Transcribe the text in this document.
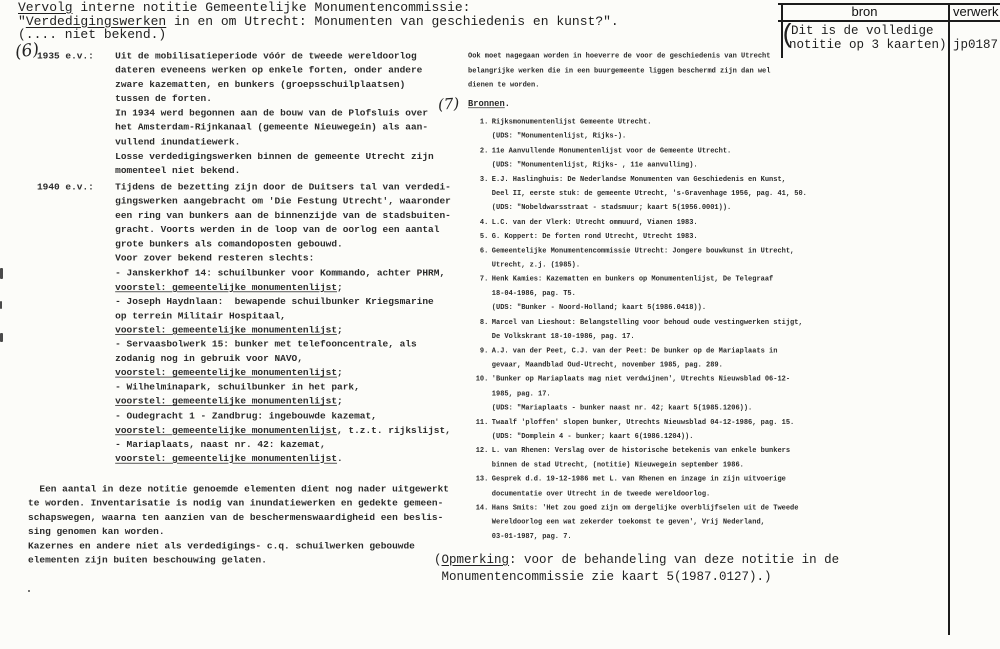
Vervolg interne notitie Gemeentelijke Monumentencommissie:
"Verdedigingswerken in en om Utrecht: Monumenten van geschiedenis en kunst?".
(.... niet bekend.)
bron	verwerk
(
Dit is de volledige
notitie op 3 kaarten) jp0187
(6)
(7)
1935 e.v.:	Uit de mobilisatieperiode vóór de tweede wereldoorlog
dateren eveneens werken op enkele forten, onder andere
zware kazematten, en bunkers (groepsschuilplaatsen)
tussen de forten.
In 1934 werd begonnen aan de bouw van de Plofsluis over
het Amsterdam-Rijnkanaal (gemeente Nieuwegein) als aan-
vullend inundatiewerk.
Losse verdedigingswerken binnen de gemeente Utrecht zijn
momenteel niet bekend.
1940 e.v.:	Tijdens de bezetting zijn door de Duitsers tal van verdedi-
gingswerken aangebracht om 'Die Festung Utrecht', waaronder
een ring van bunkers aan de binnenzijde van de stadsbuiten-
gracht. Voorts werden in de loop van de oorlog een aantal
grote bunkers als comandoposten gebouwd.
Voor zover bekend resteren slechts:
- Janskerkhof 14: schuilbunker voor Kommando, achter PHRM,
voorstel: gemeentelijke monumentenlijst;
- Joseph Haydnlaan:  bewapende schuilbunker Kriegsmarine
op terrein Militair Hospitaal,
voorstel: gemeentelijke monumentenlijst;
- Servaasbolwerk 15: bunker met telefooncentrale, als
zodanig nog in gebruik voor NAVO,
voorstel: gemeentelijke monumentenlijst;
- Wilhelminapark, schuilbunker in het park,
voorstel: gemeentelijke monumentenlijst;
- Oudegracht 1 - Zandbrug: ingebouwde kazemat,
voorstel: gemeentelijke monumentenlijst, t.z.t. rijkslijst,
- Mariaplaats, naast nr. 42: kazemat,
voorstel: gemeentelijke monumentenlijst.
Een aantal in deze notitie genoemde elementen dient nog nader uitgewerkt
te worden. Inventarisatie is nodig van inundatiewerken en gedekte gemeen-
schapswegen, waarna ten aanzien van de beschermenswaardigheid een beslis-
sing genomen kan worden.
Kazernes en andere niet als verdedigings- c.q. schuilwerken gebouwde
elementen zijn buiten beschouwing gelaten.
Ook moet nagegaan worden in hoeverre de voor de geschiedenis van Utrecht
belangrijke werken die in een buurgemeente liggen beschermd zijn dan wel
dienen te worden.
Bronnen.
1. Rijksmonumentenlijst Gemeente Utrecht.
(UDS: "Monumentenlijst, Rijks-).
2. 11e Aanvullende Monumentenlijst voor de Gemeente Utrecht.
(UDS: "Monumentenlijst, Rijks- , 11e aanvulling).
3. E.J. Haslinghuis: De Nederlandse Monumenten van Geschiedenis en Kunst,
Deel II, eerste stuk: de gemeente Utrecht, 's-Gravenhage 1956, pag. 41, 50.
(UDS: "Nobeldwarsstraat - stadsmuur; kaart 5(1956.0001)).
4. L.C. van der Vlerk: Utrecht ommuurd, Vianen 1983.
5. G. Koppert: De forten rond Utrecht, Utrecht 1983.
6. Gemeentelijke Monumentencommissie Utrecht: Jongere bouwkunst in Utrecht,
Utrecht, z.j. (1985).
7. Henk Kamies: Kazematten en bunkers op Monumentenlijst, De Telegraaf
18-04-1986, pag. T5.
(UDS: "Bunker - Noord-Holland; kaart 5(1986.0418)).
8. Marcel van Lieshout: Belangstelling voor behoud oude vestingwerken stijgt,
De Volkskrant 18-10-1986, pag. 17.
9. A.J. van der Peet, C.J. van der Peet: De bunker op de Mariaplaats in
gevaar, Maandblad Oud-Utrecht, november 1985, pag. 289.
10. 'Bunker op Mariaplaats mag niet verdwijnen', Utrechts Nieuwsblad 06-12-
1985, pag. 17.
(UDS: "Mariaplaats - bunker naast nr. 42; kaart 5(1985.1206)).
11. Twaalf 'ploffen' slopen bunker, Utrechts Nieuwsblad 04-12-1986, pag. 15.
(UDS: "Domplein 4 - bunker; kaart 6(1986.1204)).
12. L. van Rhenen: Verslag over de historische betekenis van enkele bunkers
binnen de stad Utrecht, (notitie) Nieuwegein september 1986.
13. Gesprek d.d. 19-12-1986 met L. van Rhenen en inzage in zijn uitvoerige
documentatie over Utrecht in de tweede wereldoorlog.
14. Hans Smits: 'Het zou goed zijn om dergelijke overblijfselen uit de Tweede
Wereldoorlog een wat zekerder toekomst te geven', Vrij Nederland,
03-01-1987, pag. 7.
(Opmerking: voor de behandeling van deze notitie in de
Monumentencommissie zie kaart 5(1987.0127).)
